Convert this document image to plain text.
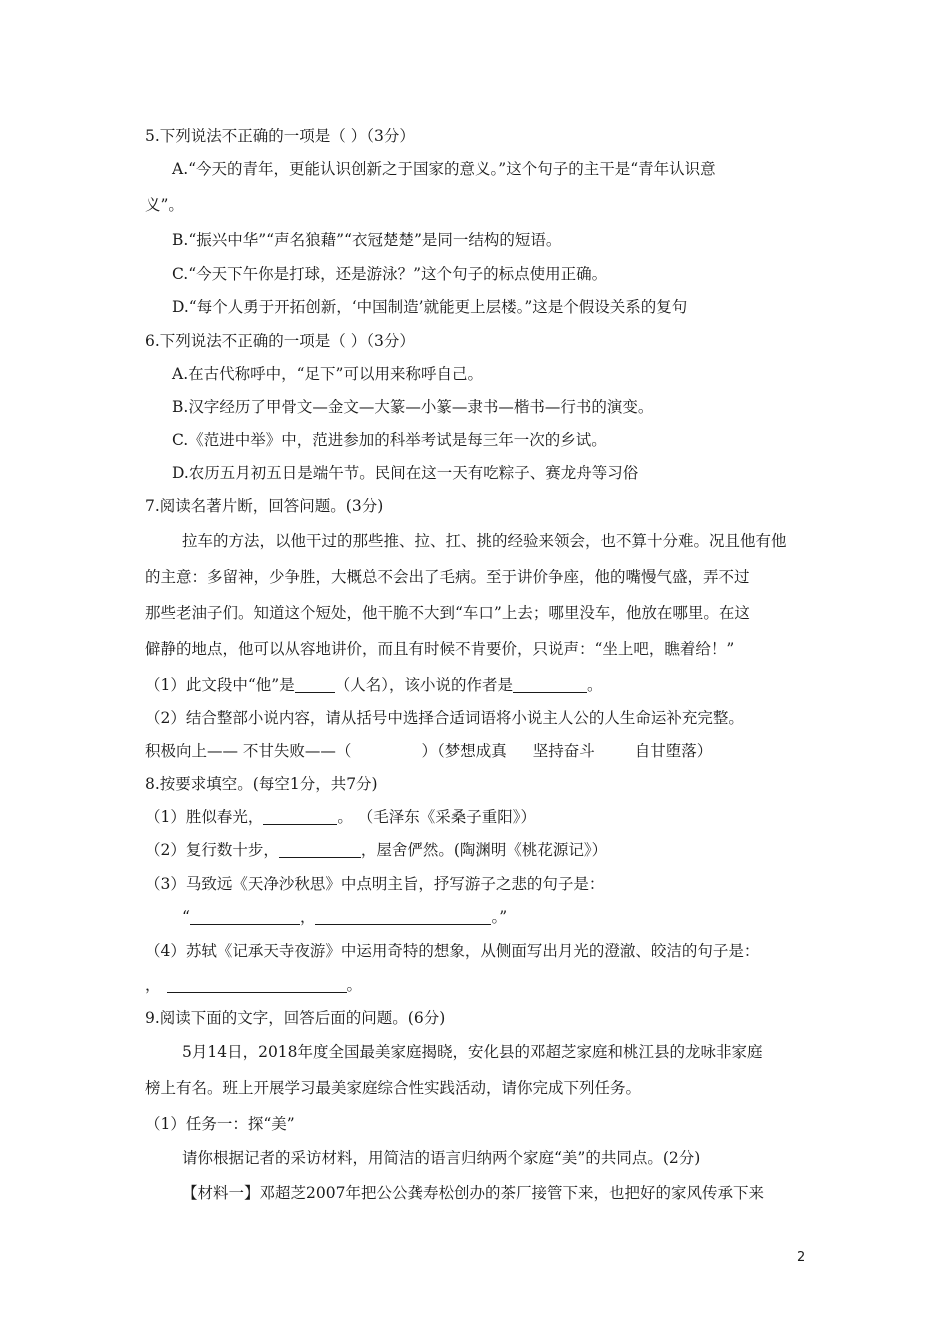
5.下列说法不正确的一项是（ ）（3分）
A.“今天的青年，更能认识创新之于国家的意义。”这个句子的主干是“青年认识意
义”。
B.“振兴中华”“声名狼藉”“衣冠楚楚”是同一结构的短语。
C.“今天下午你是打球，还是游泳？”这个句子的标点使用正确。
D.“每个人勇于开拓创新，‘中国制造’就能更上层楼。”这是个假设关系的复句
6.下列说法不正确的一项是（ ）（3分）
A.在古代称呼中，“足下”可以用来称呼自己。
B.汉字经历了甲骨文—金文—大篆—小篆—隶书—楷书—行书的演变。
C.《范进中举》中，范进参加的科举考试是每三年一次的乡试。
D.农历五月初五日是端午节。民间在这一天有吃粽子、赛龙舟等习俗
7.阅读名著片断，回答问题。(3分)
拉车的方法，以他干过的那些推、拉、扛、挑的经验来领会，也不算十分难。况且他有他
的主意：多留神，少争胜，大概总不会出了毛病。至于讲价争座，他的嘴慢气盛，弄不过
那些老油子们。知道这个短处，他干脆不大到“车口”上去；哪里没车，他放在哪里。在这
僻静的地点，他可以从容地讲价，而且有时候不肯要价，只说声：“坐上吧，瞧着给！”
（1）此文段中“他”是	（人名），该小说的作者是	。
（2）结合整部小说内容，请从括号中选择合适词语将小说主人公的人生命运补充完整。
积极向上—— 不甘失败——（	）（梦想成真 坚持奋斗	自甘堕落）
8.按要求填空。(每空1分，共7分)
（1）胜似春光，	。 （毛泽东《采桑子重阳》）
（2）复行数十步，	，屋舍俨然。(陶渊明《桃花源记》）
（3）马致远《天净沙秋思》中点明主旨，抒写游子之悲的句子是：
“	，	。”
（4）苏轼《记承天寺夜游》中运用奇特的想象，从侧面写出月光的澄澈、皎洁的句子是：
，	。
9.阅读下面的文字，回答后面的问题。(6分)
5月14日，2018年度全国最美家庭揭晓，安化县的邓超芝家庭和桃江县的龙咏非家庭
榜上有名。班上开展学习最美家庭综合性实践活动，请你完成下列任务。
（1）任务一：探“美”
请你根据记者的采访材料，用简洁的语言归纳两个家庭“美”的共同点。(2分)
【材料一】邓超芝2007年把公公龚寿松创办的茶厂接管下来，也把好的家风传承下来
2
